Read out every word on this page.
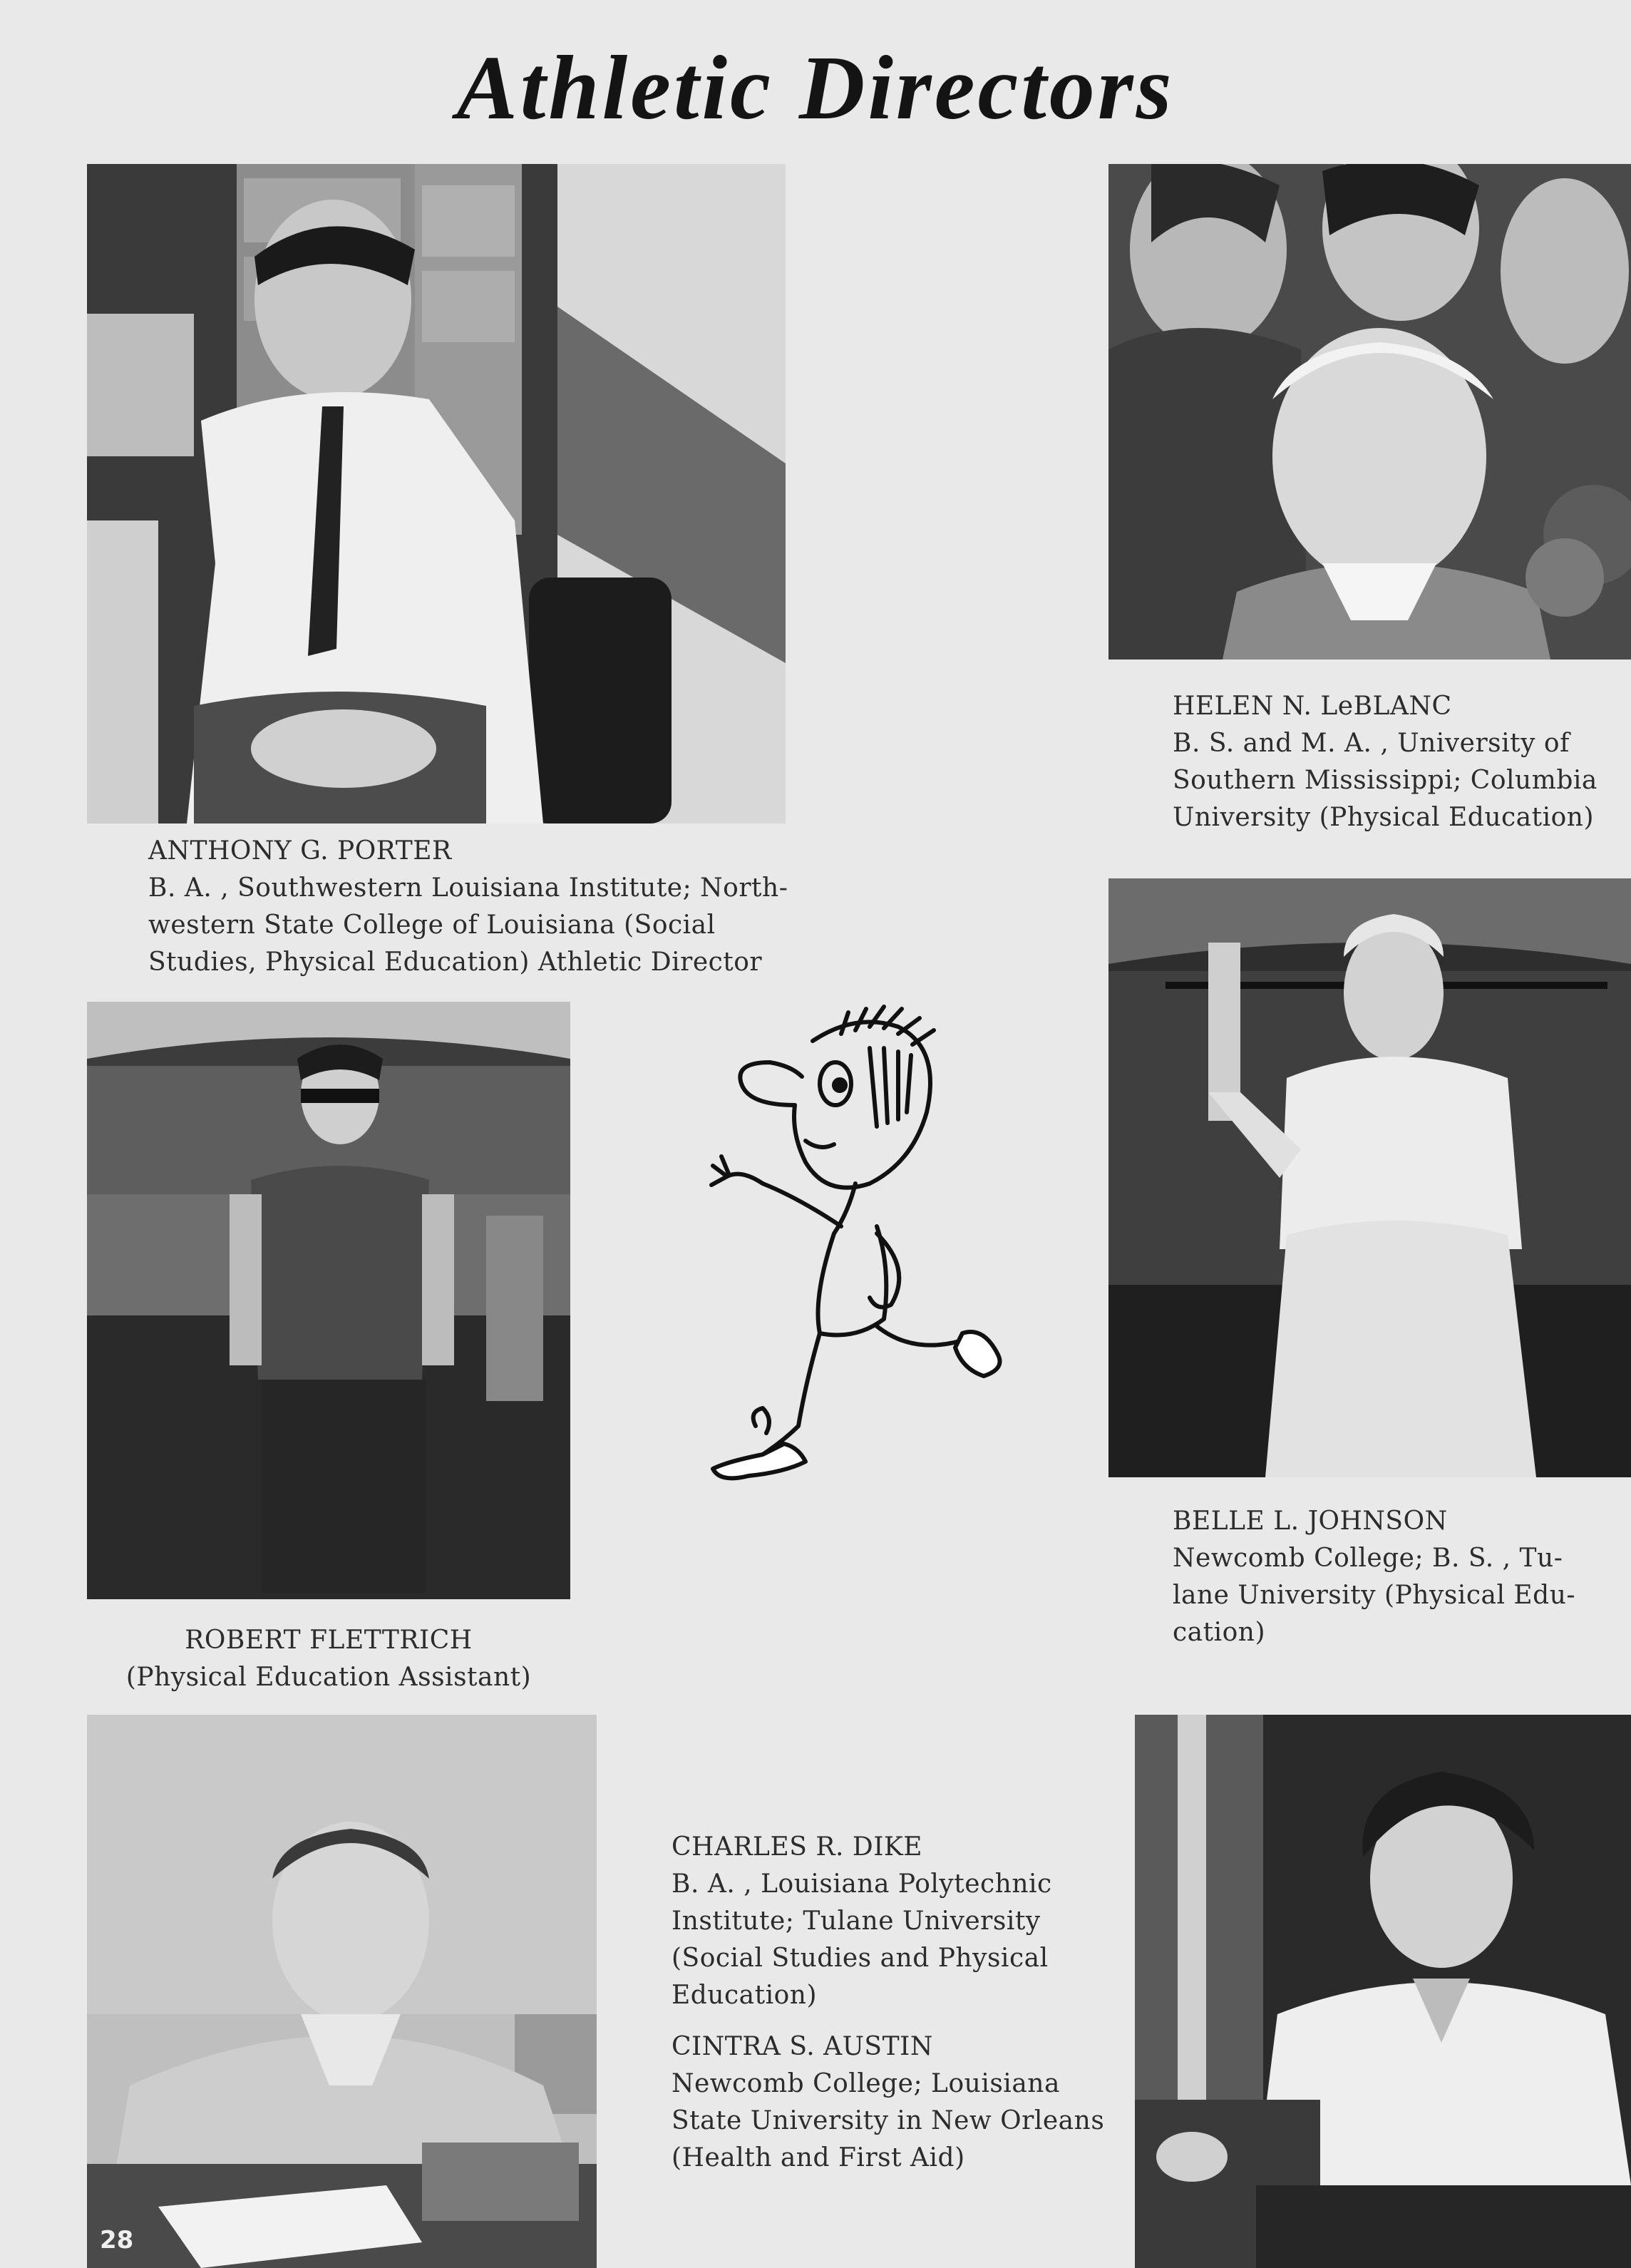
Athletic Directors
ANTHONY G. PORTER
B. A. , Southwestern Louisiana Institute; North-
western State College of Louisiana (Social
Studies, Physical Education) Athletic Director
HELEN N. LeBLANC
B. S. and M. A. , University of
Southern Mississippi; Columbia
University (Physical Education)
ROBERT FLETTRICH
(Physical Education Assistant)
BELLE L. JOHNSON
Newcomb College; B. S. , Tu-
lane University (Physical Edu-
cation)
CHARLES R. DIKE
B. A. , Louisiana Polytechnic
Institute; Tulane University
(Social Studies and Physical
Education)
CINTRA S. AUSTIN
Newcomb College; Louisiana
State University in New Orleans
(Health and First Aid)
28
